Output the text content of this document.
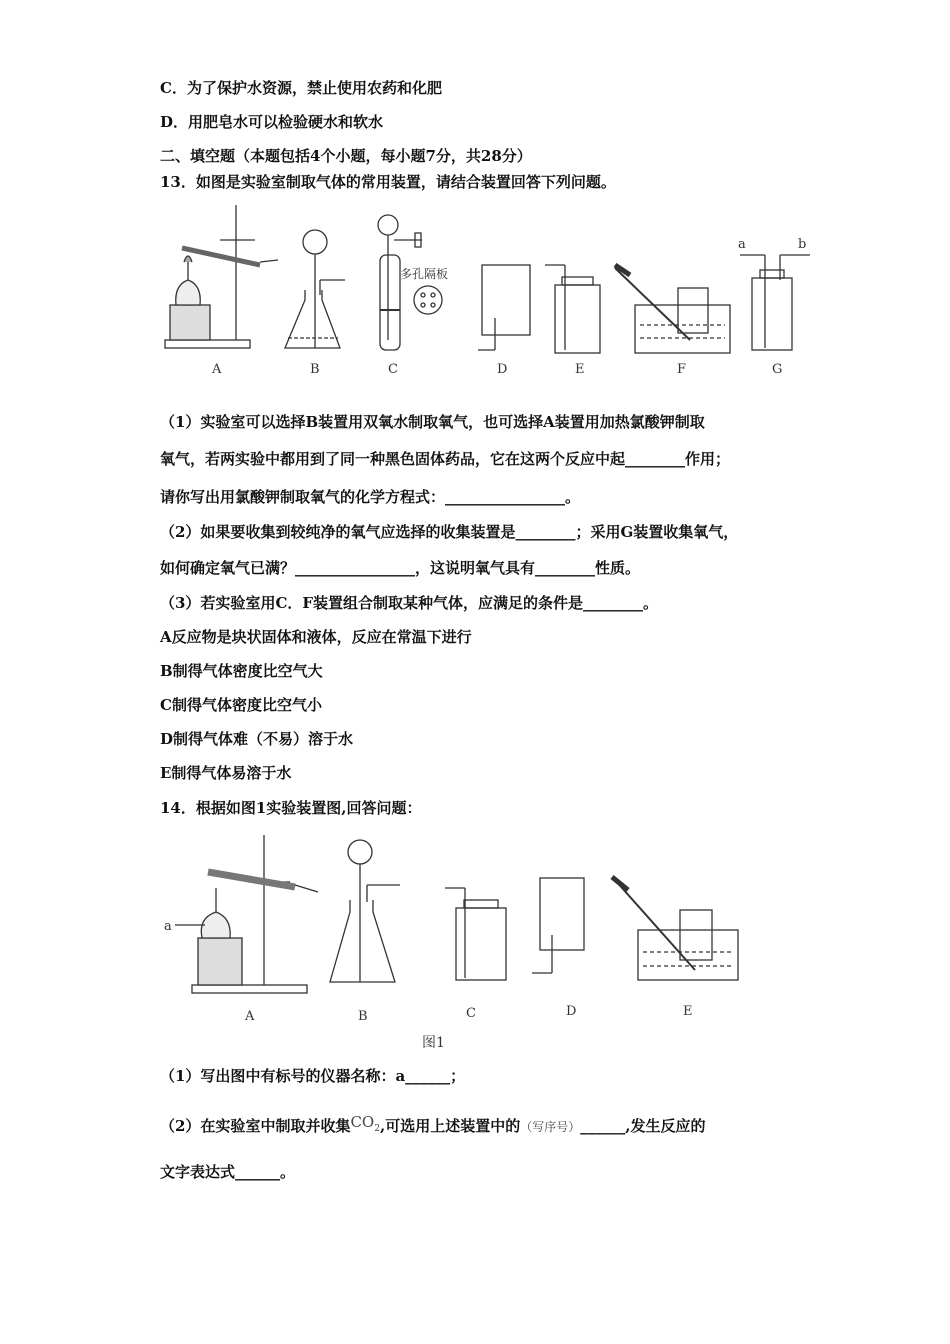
C．为了保护水资源，禁止使用农药和化肥
D．用肥皂水可以检验硬水和软水
二、填空题（本题包括4个小题，每小题7分，共28分）
13．如图是实验室制取气体的常用装置，请结合装置回答下列问题。
A	B	C	D	E	F	G
多孔隔板
a	b
（1）实验室可以选择B装置用双氧水制取氧气，也可选择A装置用加热氯酸钾制取
氧气，若两实验中都用到了同一种黑色固体药品，它在这两个反应中起________作用；
请你写出用氯酸钾制取氧气的化学方程式：________________。
（2）如果要收集到较纯净的氧气应选择的收集装置是________；采用G装置收集氧气，
如何确定氧气已满？________________，这说明氧气具有________性质。
（3）若实验室用C．F装置组合制取某种气体，应满足的条件是________。
A反应物是块状固体和液体，反应在常温下进行
B制得气体密度比空气大
C制得气体密度比空气小
D制得气体难（不易）溶于水
E制得气体易溶于水
14．根据如图1实验装置图,回答问题：
A	B	C	D	E
a
图1
（1）写出图中有标号的仪器名称：a______；
（2）在实验室中制取并收集$CO_2$,可选用上述装置中的（写序号）______,发生反应的
文字表达式______。
